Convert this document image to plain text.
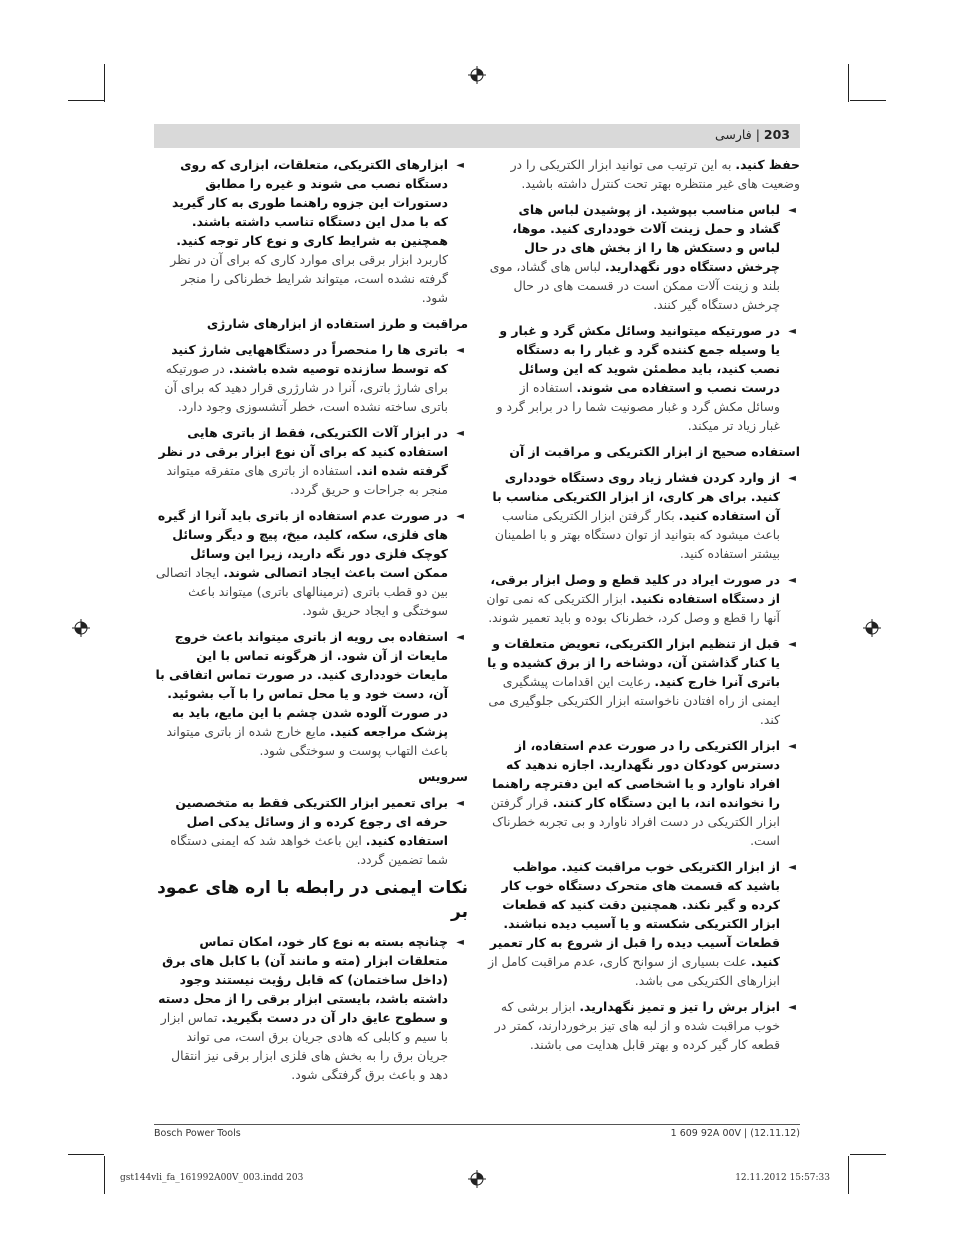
203 | فارسی
حفظ کنید. به این ترتیب می توانید ابزار الکتریکی را در وضعیت های غیر منتظره بهتر تحت کنترل داشته باشید.
◄
لباس مناسب بپوشید. از پوشیدن لباس های گشاد و حمل زینت آلات خودداری کنید. موها، لباس و دستکش ها را از بخش های در حال چرخش دستگاه دور نگهدارید. لباس های گشاد، موی بلند و زینت آلات ممکن است در قسمت های در حال چرخش دستگاه گیر کنند.
◄
در صورتیکه میتوانید وسائل مکش گرد و غبار و یا وسیله جمع کننده گرد و غبار را به دستگاه نصب کنید، باید مطمئن شوید که این وسائل درست نصب و استفاده می شوند. استفاده از وسائل مکش گرد و غبار مصونیت شما را در برابر گرد و غبار زیاد تر میکند.
استفاده صحیح از ابزار الکتریکی و مراقبت از آن
◄
از وارد کردن فشار زیاد روی دستگاه خودداری کنید. برای هر کاری، از ابزار الکتریکی مناسب با آن استفاده کنید. بکار گرفتن ابزار الکتریکی مناسب باعث میشود که بتوانید از توان دستگاه بهتر و با اطمینان بیشتر استفاده کنید.
◄
در صورت ایراد در کلید قطع و وصل ابزار برقی، از دستگاه استفاده نکنید. ابزار الکتریکی که نمی توان آنها را قطع و وصل کرد، خطرناک بوده و باید تعمیر شوند.
◄
قبل از تنظیم ابزار الکتریکی، تعویض متعلقات و یا کنار گذاشتن آن، دوشاخه را از برق کشیده و یا باتری آنرا خارج کنید. رعایت این اقدامات پیشگیری ایمنی از راه افتادن ناخواسته ابزار الکتریکی جلوگیری می کند.
◄
ابزار الکتریکی را در صورت عدم استفاده، از دسترس کودکان دور نگهدارید. اجازه ندهید که افراد ناوارد و یا اشخاصی که این دفترچه راهنما را نخوانده اند، با این دستگاه کار کنند. قرار گرفتن ابزار الکتریکی در دست افراد ناوارد و بی تجربه خطرناک است.
◄
از ابزار الکتریکی خوب مراقبت کنید. مواظب باشید که قسمت های متحرک دستگاه خوب کار کرده و گیر نکند. همچنین دقت کنید که قطعات ابزار الکتریکی شکسته و یا آسیب دیده نباشند. قطعات آسیب دیده را قبل از شروع به کار تعمیر کنید. علت بسیاری از سوانح کاری، عدم مراقبت کامل از ابزارهای الکتریکی می باشد.
◄
ابزار برش را تیز و تمیز نگهدارید. ابزار برشی که خوب مراقبت شده و از لبه های تیز برخوردارند، کمتر در قطعه کار گیر کرده و بهتر قابل هدایت می باشند.
◄
ابزارهای الکتریکی، متعلقات، ابزاری که روی دستگاه نصب می شوند و غیره را مطابق دستورات این جزوه راهنما طوری به کار گیرید که با مدل این دستگاه تناسب داشته باشند. همچنین به شرایط کاری و نوع کار توجه کنید. کاربرد ابزار برقی برای موارد کاری که برای آن در نظر گرفته نشده است، میتواند شرایط خطرناکی را منجر شود.
مراقبت و طرز استفاده از ابزارهای شارژی
◄
باتری ها را منحصراً در دستگاههایی شارژ کنید که توسط سازنده توصیه شده باشند. در صورتیکه برای شارژ باتری، آنرا در شارژری قرار دهید که برای آن باتری ساخته نشده است، خطر آتشسوزی وجود دارد.
◄
در ابزار آلات الکتریکی، فقط از باتری هایی استفاده کنید که برای آن نوع ابزار برقی در نظر گرفته شده اند. استفاده از باتری های متفرقه میتواند منجر به جراحات و حریق گردد.
◄
در صورت عدم استفاده از باتری باید آنرا از گیره های فلزی، سکه، کلید، میخ، پیچ و دیگر وسائل کوچک فلزی دور نگه دارید، زیرا این وسائل ممکن است باعث ایجاد اتصالی شوند. ایجاد اتصالی بین دو قطب باتری (ترمینالهای باتری) میتواند باعث سوختگی و ایجاد حریق شود.
◄
استفاده بی رویه از باتری میتواند باعث خروج مایعات از آن شود. از هرگونه تماس با این مایعات خودداری کنید. در صورت تماس اتفاقی با آن، دست خود و یا محل تماس را با آب بشوئید. در صورت آلوده شدن چشم با این مایع، باید به پزشک مراجعه کنید. مایع خارج شده از باتری میتواند باعث التهاب پوست و سوختگی شود.
سرویس
◄
برای تعمیر ابزار الکتریکی فقط به متخصصین حرفه ای رجوع کرده و از وسائل یدکی اصل استفاده کنید. این باعث خواهد شد که ایمنی دستگاه شما تضمین گردد.
نکات ایمنی در رابطه با اره های عمود بر
◄
چنانچه بسته به نوع کار خود، امکان تماس متعلقات ابزار (مته و مانند آن) با کابل های برق (داخل ساختمان) که قابل رؤیت نیستند وجود داشته باشد، بایستی ابزار برقی را از محل دسته و سطوح عایق دار آن در دست بگیرید. تماس ابزار با سیم و کابلی که هادی جریان برق است، می تواند جریان برق را به بخش های فلزی ابزار برقی نیز انتقال دهد و باعث برق گرفتگی شود.
Bosch Power Tools	1 609 92A 00V | (12.11.12)
gst144vli_fa_161992A00V_003.indd 203	12.11.2012 15:57:33
